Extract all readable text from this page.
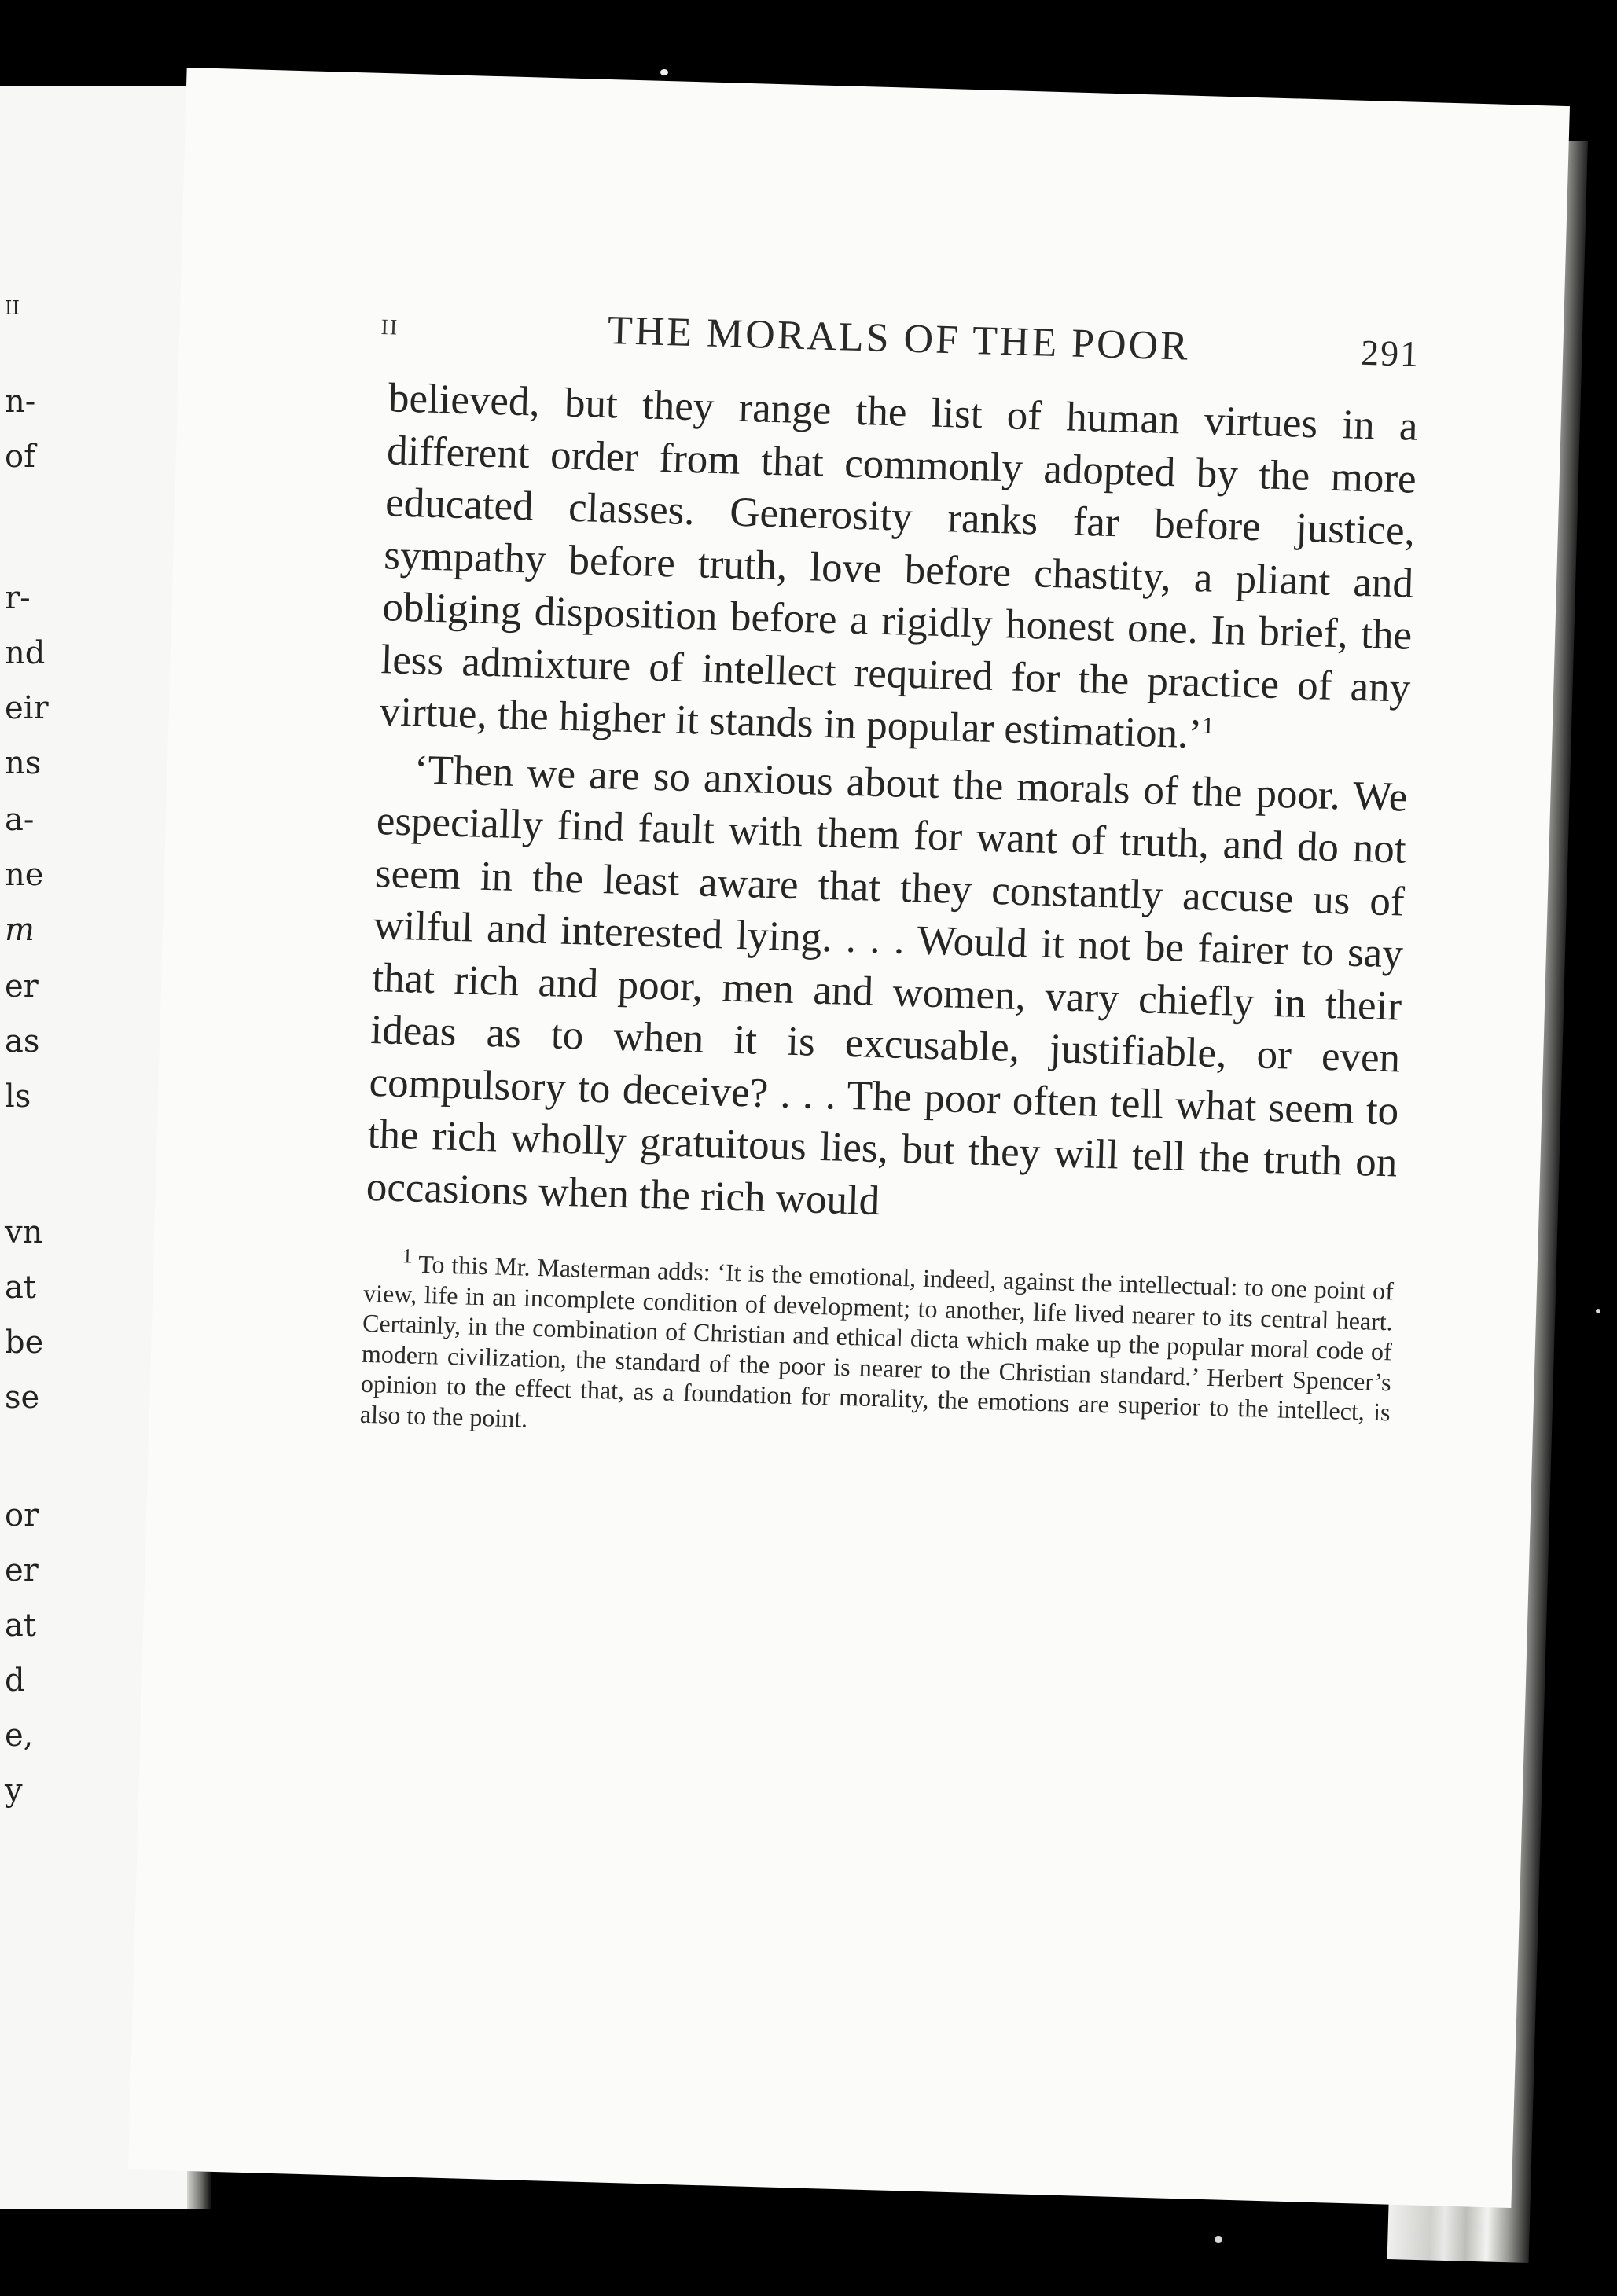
II
n-
of
r-
nd
eir
ns
a-
ne
m
er
as
ls
vn
at
be
se
or
er
at
d
e,
y
II	THE MORALS OF THE POOR	291

believed, but they range the list of human virtues in a different order from that commonly adopted by the more educated classes. Generosity ranks far before justice, sympathy before truth, love before chastity, a pliant and obliging disposition before a rigidly honest one. In brief, the less admixture of intellect required for the practice of any virtue, the higher it stands in popular estimation.’$^1$

‘Then we are so anxious about the morals of the poor. We especially find fault with them for want of truth, and do not seem in the least aware that they constantly accuse us of wilful and interested lying. . . . Would it not be fairer to say that rich and poor, men and women, vary chiefly in their ideas as to when it is excusable, justifiable, or even compulsory to deceive? . . . The poor often tell what seem to the rich wholly gratuitous lies, but they will tell the truth on occasions when the rich would

$^1$ To this Mr. Masterman adds: ‘It is the emotional, indeed, against the intellectual: to one point of view, life in an incomplete condition of development; to another, life lived nearer to its central heart. Certainly, in the combination of Christian and ethical dicta which make up the popular moral code of modern civilization, the standard of the poor is nearer to the Christian standard.’ Herbert Spencer’s opinion to the effect that, as a foundation for morality, the emotions are superior to the intellect, is also to the point.
